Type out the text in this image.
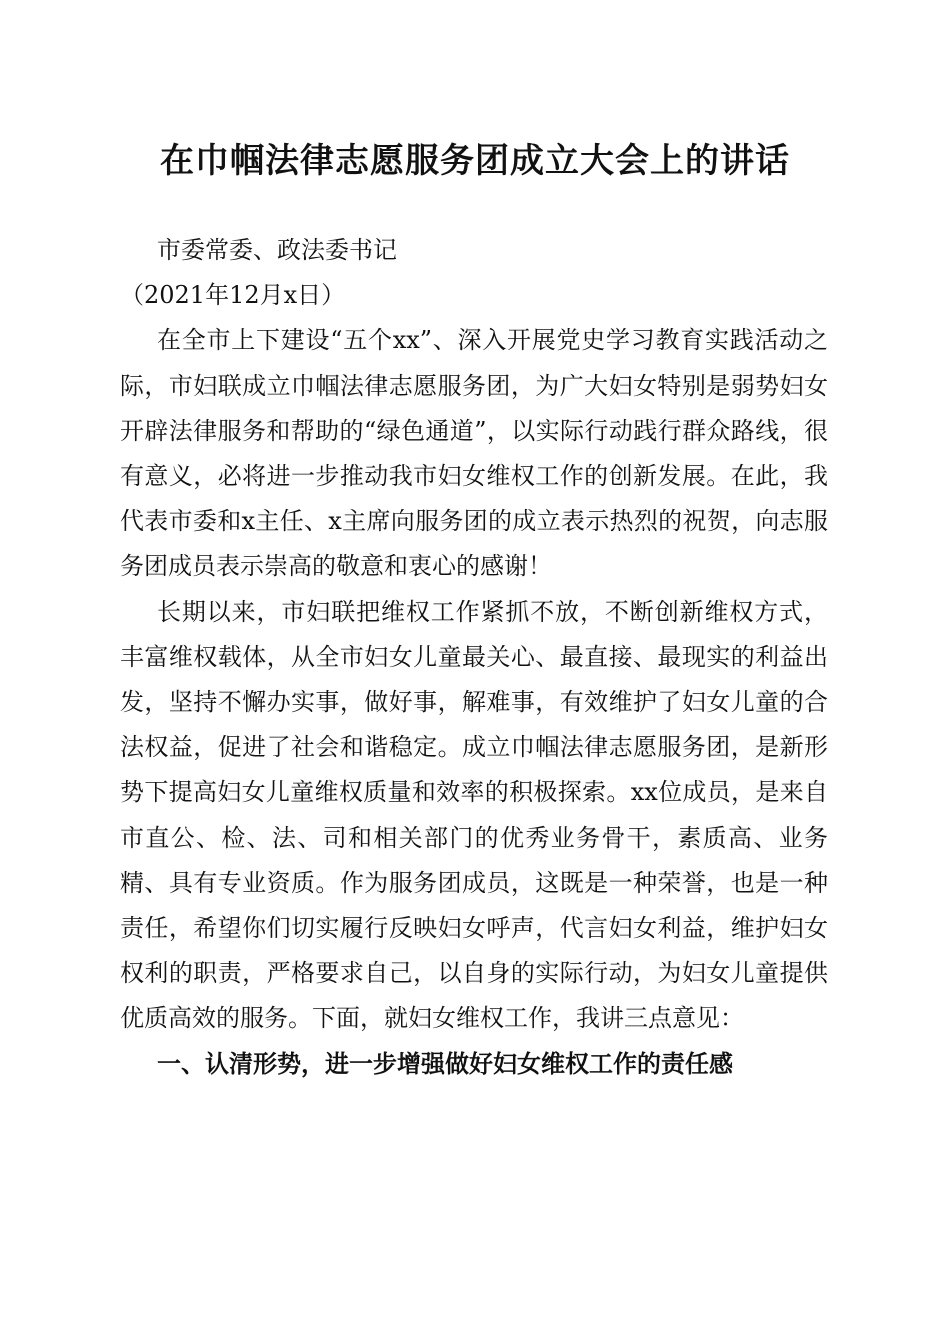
在巾帼法律志愿服务团成立大会上的讲话

市委常委、政法委书记

（2021年12月x日）

在全市上下建设“五个xx”、深入开展党史学习教育实践活动之际，市妇联成立巾帼法律志愿服务团，为广大妇女特别是弱势妇女开辟法律服务和帮助的“绿色通道”，以实际行动践行群众路线，很有意义，必将进一步推动我市妇女维权工作的创新发展。在此，我代表市委和x主任、x主席向服务团的成立表示热烈的祝贺，向志服务团成员表示崇高的敬意和衷心的感谢！

长期以来，市妇联把维权工作紧抓不放，不断创新维权方式，丰富维权载体，从全市妇女儿童最关心、最直接、最现实的利益出发，坚持不懈办实事，做好事，解难事，有效维护了妇女儿童的合法权益，促进了社会和谐稳定。成立巾帼法律志愿服务团，是新形势下提高妇女儿童维权质量和效率的积极探索。xx位成员，是来自市直公、检、法、司和相关部门的优秀业务骨干，素质高、业务精、具有专业资质。作为服务团成员，这既是一种荣誉，也是一种责任，希望你们切实履行反映妇女呼声，代言妇女利益，维护妇女权利的职责，严格要求自己，以自身的实际行动，为妇女儿童提供优质高效的服务。下面，就妇女维权工作，我讲三点意见：

一、认清形势，进一步增强做好妇女维权工作的责任感
